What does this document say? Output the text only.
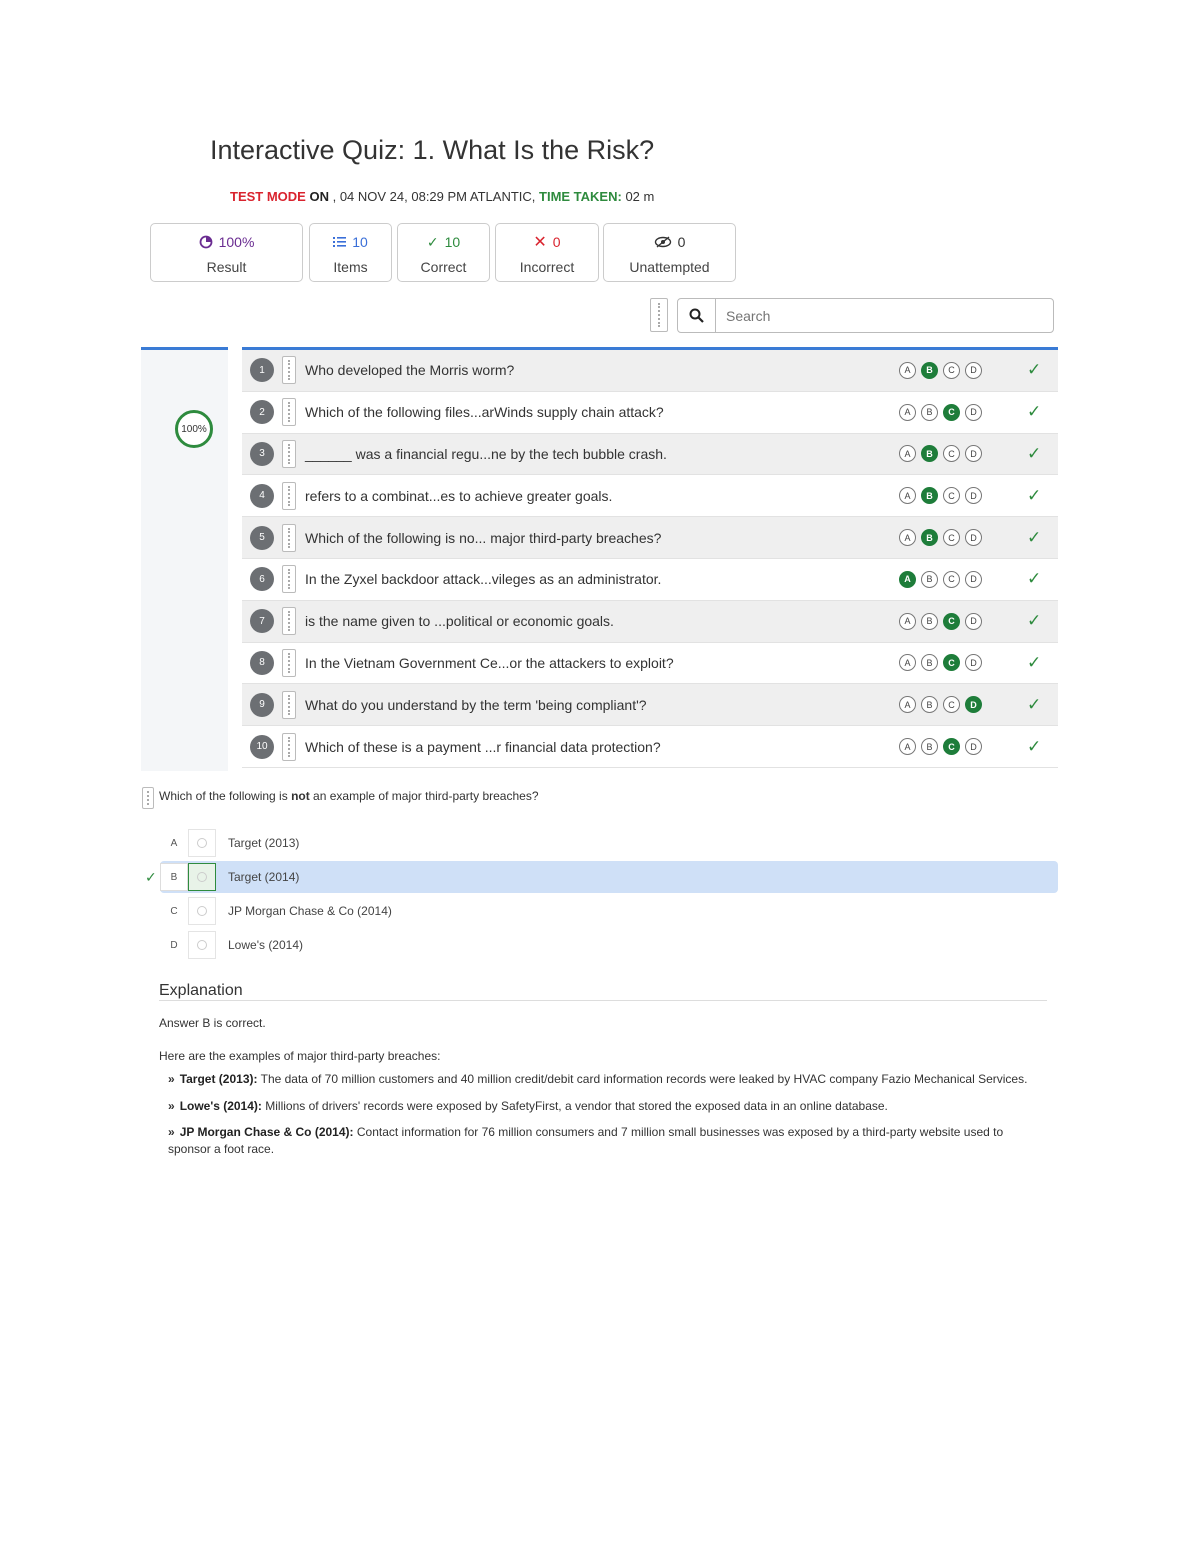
Interactive Quiz: 1. What Is the Risk?
TEST MODE ON , 04 NOV 24, 08:29 PM ATLANTIC, TIME TAKEN: 02 m
100%
Result
10
Items
✓ 10
Correct
✕ 0
Incorrect
0
Unattempted
Search
100%
1	Who developed the Morris worm?	A	B	C	D	✓
2	Which of the following files...arWinds supply chain attack?	A	B	C	D	✓
3	______ was a financial regu...ne by the tech bubble crash.	A	B	C	D	✓
4	refers to a combinat...es to achieve greater goals.	A	B	C	D	✓
5	Which of the following is no... major third-party breaches?	A	B	C	D	✓
6	In the Zyxel backdoor attack...vileges as an administrator.	A	B	C	D	✓
7	is the name given to ...political or economic goals.	A	B	C	D	✓
8	In the Vietnam Government Ce...or the attackers to exploit?	A	B	C	D	✓
9	What do you understand by the term 'being compliant'?	A	B	C	D	✓
10	Which of these is a payment ...r financial data protection?	A	B	C	D	✓
Which of the following is not an example of major third-party breaches?
✓
A	Target (2013)
B	Target (2014)
C	JP Morgan Chase & Co (2014)
D	Lowe's (2014)
Explanation
Answer B is correct.
Here are the examples of major third-party breaches:
» Target (2013): The data of 70 million customers and 40 million credit/debit card information records were leaked by HVAC company Fazio Mechanical Services.
» Lowe's (2014): Millions of drivers' records were exposed by SafetyFirst, a vendor that stored the exposed data in an online database.
» JP Morgan Chase & Co (2014): Contact information for 76 million consumers and 7 million small businesses was exposed by a third-party website used to sponsor a foot race.
